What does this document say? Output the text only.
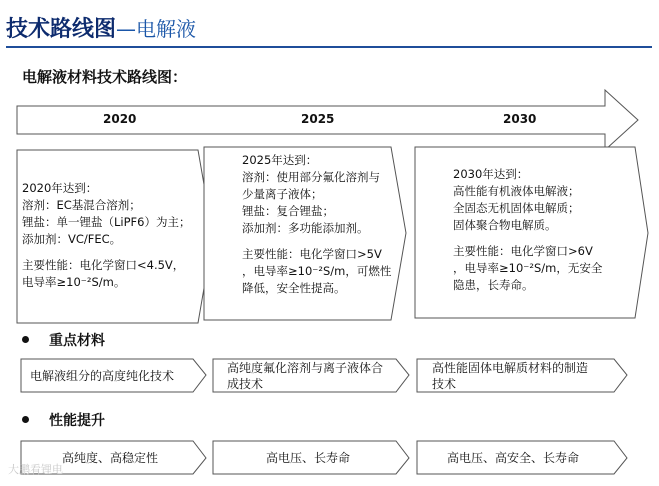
技术路线图—电解液
电解液材料技术路线图：
2020	2025	2030
2020年达到：
溶剂：EC基混合溶剂；
锂盐：单一锂盐（LiPF6）为主；
添加剂：VC/FEC。
主要性能：电化学窗口<4.5V，
电导率≥10⁻²S/m。
2025年达到：
溶剂：使用部分氟化溶剂与
少量离子液体；
锂盐：复合锂盐；
添加剂：多功能添加剂。
主要性能：电化学窗口>5V
，电导率≥10⁻²S/m，可燃性
降低，安全性提高。
2030年达到：
高性能有机液体电解液；
全固态无机固体电解质；
固体聚合物电解质。
主要性能：电化学窗口>6V
，电导率≥10⁻²S/m，无安全
隐患，长寿命。
重点材料
电解液组分的高度纯化技术
高纯度氟化溶剂与离子液体合
成技术
高性能固体电解质材料的制造
技术
性能提升
高纯度、高稳定性	高电压、长寿命	高电压、高安全、长寿命
大鹏看锂电
